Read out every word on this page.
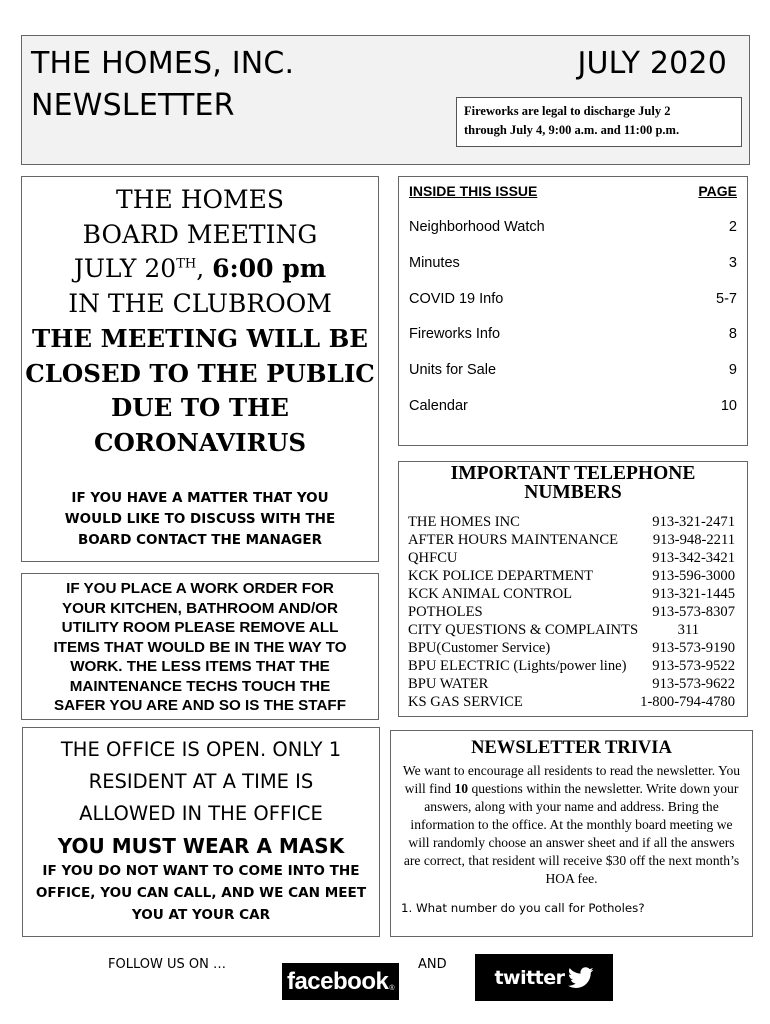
THE HOMES, INC.
NEWSLETTER
JULY 2020
Fireworks are legal to discharge July 2
through July 4, 9:00 a.m. and 11:00 p.m.
THE HOMES
BOARD MEETING
JULY 20TH, 6:00 pm
IN THE CLUBROOM
THE MEETING WILL BE
CLOSED TO THE PUBLIC
DUE TO THE
CORONAVIRUS
IF YOU HAVE A MATTER THAT YOU
WOULD LIKE TO DISCUSS WITH THE
BOARD CONTACT THE MANAGER
IF YOU PLACE A WORK ORDER FOR
YOUR KITCHEN, BATHROOM AND/OR
UTILITY ROOM PLEASE REMOVE ALL
ITEMS THAT WOULD BE IN THE WAY TO
WORK. THE LESS ITEMS THAT THE
MAINTENANCE TECHS TOUCH THE
SAFER YOU ARE AND SO IS THE STAFF
THE OFFICE IS OPEN. ONLY 1
RESIDENT AT A TIME IS
ALLOWED IN THE OFFICE
YOU MUST WEAR A MASK
IF YOU DO NOT WANT TO COME INTO THE
OFFICE, YOU CAN CALL, AND WE CAN MEET
YOU AT YOUR CAR
INSIDE THIS ISSUE	PAGE
Neighborhood Watch	2
Minutes	3
COVID 19 Info	5-7
Fireworks Info	8
Units for Sale	9
Calendar	10
IMPORTANT TELEPHONE
NUMBERS
THE HOMES INC	913-321-2471
AFTER HOURS MAINTENANCE 913-948-2211
QHFCU	913-342-3421
KCK POLICE DEPARTMENT	913-596-3000
KCK ANIMAL CONTROL	913-321-1445
POTHOLES	913-573-8307
CITY QUESTIONS & COMPLAINTS	311
BPU(Customer Service)	913-573-9190
BPU ELECTRIC (Lights/power line) 913-573-9522
BPU WATER	913-573-9622
KS GAS SERVICE	1-800-794-4780
NEWSLETTER TRIVIA
We want to encourage all residents to read the newsletter. You will find 10 questions within the newsletter. Write down your answers, along with your name and address. Bring the information to the office. At the monthly board meeting we will randomly choose an answer sheet and if all the answers are correct, that resident will receive $30 off the next month’s HOA fee.
1. What number do you call for Potholes?
FOLLOW US ON …	AND
facebook ®	twitter
